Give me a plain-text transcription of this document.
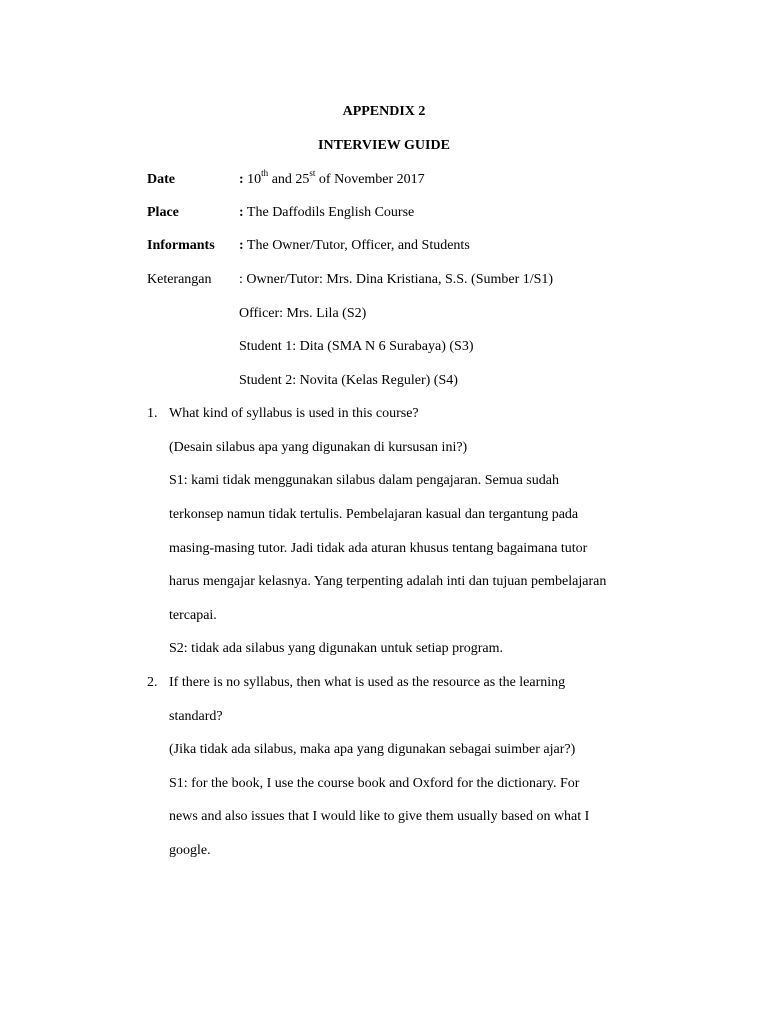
APPENDIX 2
INTERVIEW GUIDE
Date	: 10th and 25st of November 2017
Place	: The Daffodils English Course
Informants : The Owner/Tutor, Officer, and Students
Keterangan : Owner/Tutor: Mrs. Dina Kristiana, S.S. (Sumber 1/S1)
Officer: Mrs. Lila (S2)
Student 1: Dita (SMA N 6 Surabaya) (S3)
Student 2: Novita (Kelas Reguler) (S4)
1. What kind of syllabus is used in this course?
(Desain silabus apa yang digunakan di kursusan ini?)
S1: kami tidak menggunakan silabus dalam pengajaran. Semua sudah
terkonsep namun tidak tertulis. Pembelajaran kasual dan tergantung pada
masing-masing tutor. Jadi tidak ada aturan khusus tentang bagaimana tutor
harus mengajar kelasnya. Yang terpenting adalah inti dan tujuan pembelajaran
tercapai.
S2: tidak ada silabus yang digunakan untuk setiap program.
2. If there is no syllabus, then what is used as the resource as the learning
standard?
(Jika tidak ada silabus, maka apa yang digunakan sebagai suimber ajar?)
S1: for the book, I use the course book and Oxford for the dictionary. For
news and also issues that I would like to give them usually based on what I
google.
